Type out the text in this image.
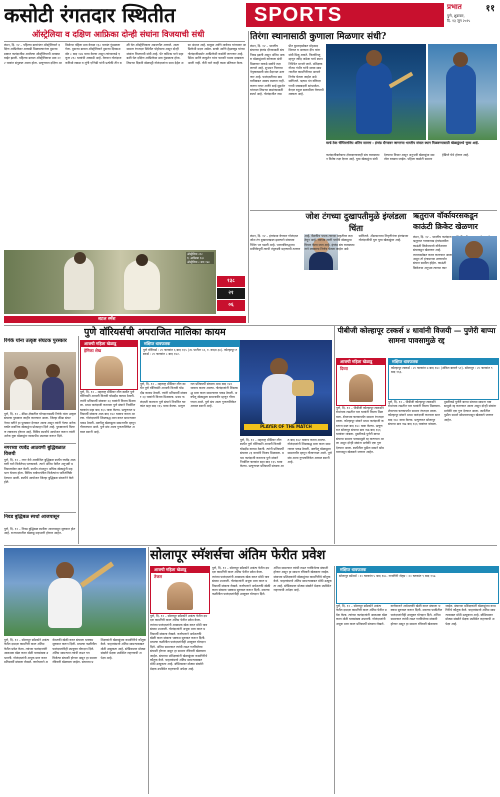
कसोटी रंगतदार स्थितीत	SPORTS	प्रभात	११
पुणे, शुक्रवार,
दि. १३ जून २०२५
ऑस्ट्रेलिया व दक्षिण आफ्रिका दोन्ही संघांना विजयाची संधी
लंडन, दि. १२ – पहिल्या डावांनंतर ऑस्ट्रेलियाने दक्षिण आफ्रिकेवर आघाडी मिळवल्यानंतर दुसऱ्या डावात फलंदाजीस आलेल्या ऑस्ट्रेलियाची अवस्था वाईट झाली. पहिल्या डावात ऑस्ट्रेलियाचा डाव २१२ धावांत संपुष्टात आला होता. प्रत्युत्तरात दक्षिण आफ्रिकेचा पहिला डाव केवळ १३८ धावांत गुंडाळला गेला. दुसऱ्या डावात ऑस्ट्रेलियाने दुसऱ्या दिवसअखेर ८ बाद १४४ धावा केल्या असून त्यांच्याकडे एकूण २१८ धावांची आघाडी आहे. वेगवान गोलंदाज कगिसो रबाडा व लुंगी एन्गिडी यांनी प्रत्येकी तीन बळी घेत ऑस्ट्रेलियाला अडचणीत आणले. आता सामना रंगतदार स्थितीत पोहोचला असून दोन्ही संघांना विजयाची संधी आहे. पॅट कमिन्स याने सहा बळी घेत दक्षिण आफ्रिकेचा डाव गुंडाळला होता. तिसऱ्या दिवशी खेळपट्टी गोलंदाजांना साथ देईल असा अंदाज आहे. बावुमा आणि मार्करम यांच्यावर आफ्रिकेची मदार असेल. स्टार्क आणि हेझलवूड यांच्या गोलंदाजीसमोर आफ्रिकेची कसोटी लागणार आहे. स्मिथ आणि लाबुशेन यांना फारशी चमक दाखवता आली नाही. कॅरी याने काही काळ प्रतिकार केला.
१३८
२१
०६
ऑस्ट्रेलिया २१२
द. आफ्रिका १३८
ऑस्ट्रेलिया ८ बाद १४४
शटल स्मॅश
तिरंगा स्थानासाठी कुणाला मिळणार संधी?
लंडन, दि. १२ – भारतीय संघाच्या इंग्लंड दौऱ्यासाठी संघनिवड झाली असून अंतिम अकरा खेळाडूंमध्ये कोणाला संधी मिळणार याकडे सर्वांचे लक्ष लागले आहे. शुभमन गिलच्या नेतृत्वाखाली संघ मैदानात उतरणार आहे. फलंदाजीच्या क्रमवारीबाबत अद्याप स्पष्टता नाही. करुण नायर आणि साई सुदर्शन यांच्यात तिसऱ्या क्रमांकासाठी स्पर्धा आहे. गोलंदाजीत जसप्रीत बुमराहसोबत मोहम्मद सिराज व आकाश दीप यांना संधी मिळू शकते. फिरकीपटू म्हणून रवींद्र जडेजा याचे स्थान निश्चित मानले जाते. प्रशिक्षक गौतम गंभीर यांनी सराव सामन्यातील कामगिरीच्या आधारे निर्णय घेतला जाईल असे सांगितले. ऋषभ पंत यष्टिरक्षणाची जबाबदारी सांभाळेल. केएल राहुल सलामीला येण्याची शक्यता आहे.
वर्ल्ड टेस्ट चॅम्पियनशिप अंतिम सामना : इंग्लंड दौऱ्यावर जाणाऱ्या भारतीय संघात स्थान मिळवण्यासाठी खेळाडूंमध्ये चुरस आहे.
फलंदाजीबरोबरच क्षेत्ररक्षणावरही संघ व्यवस्थापन विशेष लक्ष देणार आहे. युवा खेळाडूंना संधी देण्याचा विचार असून अनुभवी खेळाडूंचा समतोल राखला जाईल. पहिला कसोटी सामना हेडिंग्ले येथे होणार आहे.
जोश टंगच्या दुखापतीमुळे इंग्लंडला चिंता
लंडन, दि. १२ – इंग्लंडचा वेगवान गोलंदाज जोश टंग दुखापतग्रस्त झाल्याने संघाच्या चिंतेत भर पडली आहे. भारताविरुद्धच्या मालिकेपूर्वी त्याची तंदुरुस्ती महत्त्वाची ठरणार आहे. वैद्यकीय पथक त्याच्या प्रकृतीवर लक्ष ठेवून आहे. त्याच्या जागी पर्यायी खेळाडूचा विचार केला जात आहे. इंग्लंड संघ व्यवस्थापनाने लवकरच निर्णय घेतला जाईल असे सांगितले. अँडरसनच्या निवृत्तीनंतर इंग्लंडच्या गोलंदाजीची धुरा युवा खेळाडूंवर आहे.
ऋतुराज वॉर्कायरसकडून काऊंटी क्रिकेट खेळणार
लंडन, दि. १२ – भारतीय फलंदाज ऋतुराज गायकवाड इंग्लंडमधील काऊंटी क्रिकेटमध्ये यॉर्कशायर संघाकडून खेळणार आहे. त्याच्यासोबत करार करण्यात आला असून तो हंगामाच्या उत्तरार्धात संघात सामील होईल. काऊंटी क्रिकेटचा अनुभव त्याच्या कार
पुणे वॉरियर्सची अपराजित मालिका कायम	पीबीजी कोल्हापूर टस्कर्स ४ धावांनी विजयी — पुणेरी बाप्पा सामना पावसामुळे रद्द
रिगंके यांना उत्कृष्ट संघटक पुरस्कार
पुणे, दि. १२ – क्रीडा क्षेत्रातील योगदानासाठी रिगंके यांना उत्कृष्ट संघटक पुरस्कार जाहीर करण्यात आला. जिल्हा क्रीडा संघटनेच्या वतीने हा पुरस्कार देण्यात आला असून त्यांनी गेल्या अनेक वर्षांत स्थानिक खेळाडूंना प्रोत्साहन दिले आहे. पुरस्काराचे वितरण लवकरच होणार आहे. विविध स्पर्धांचे आयोजन करून त्यांनी अनेक युवा खेळाडूंना व्यासपीठ उपलब्ध करून दिले.
आजची महिला खेळाडू
हेमिका शेख
पुणे, दि. १२ – महाराष्ट्र प्रीमियर लीग स्पर्धेत पुणे वॉरियर्सने आपली विजयी घोडदौड कायम ठेवली. त्यांनी प्रतिस्पर्धी संघावर २३ धावांनी विजय मिळवला. प्रथम फलंदाजी करताना पुणे संघाने निर्धारित षटकांत सहा बाद १६५ धावा केल्या. प्रत्युत्तरात प्रतिस्पर्धी संघाला आठ बाद १४२ धावाच करता आल्या. गोलंदाजांनी शिस्तबद्ध मारा करत सामन्यावर पकड ठेवली. अष्टपैलू खेळाडूला सामनावीर म्हणून गौरवण्यात आले. पुणे संघ आता गुणतालिकेत अव्वल स्थानी आहे.
संक्षिप्त धावफलक
पुणे वॉरियर्स : २० षटकांत ६ बाद १६५ (अ. पाटील ५२, र. कदम ३४). कोल्हापूर टस्कर्स : २० षटकांत ८ बाद १४२.
पुणे, दि. १२ – महाराष्ट्र प्रीमियर लीग स्पर्धेत पुणे वॉरियर्सने आपली विजयी घोडदौड कायम ठेवली. त्यांनी प्रतिस्पर्धी संघावर २३ धावांनी विजय मिळवला. प्रथम फलंदाजी करताना पुणे संघाने निर्धारित षटकांत सहा बाद १६५ धावा केल्या. प्रत्युत्तरात प्रतिस्पर्धी संघाला आठ बाद १४२ धावाच करता आल्या. गोलंदाजांनी शिस्तबद्ध मारा करत सामन्यावर पकड ठेवली. अष्टपैलू खेळाडूला सामनावीर म्हणून गौरवण्यात आले. पुणे संघ आता गुणतालिकेत अव्वल स्थानी आहे.
PLAYER OF THE MATCH
पुणे, दि. १२ – महाराष्ट्र प्रीमियर लीग स्पर्धेत पुणे वॉरियर्सने आपली विजयी घोडदौड कायम ठेवली. त्यांनी प्रतिस्पर्धी संघावर २३ धावांनी विजय मिळवला. प्रथम फलंदाजी करताना पुणे संघाने निर्धारित षटकांत सहा बाद १६५ धावा केल्या. प्रत्युत्तरात प्रतिस्पर्धी संघाला आठ बाद १४२ धावाच करता आल्या. गोलंदाजांनी शिस्तबद्ध मारा करत सामन्यावर पकड ठेवली. अष्टपैलू खेळाडूला सामनावीर म्हणून गौरवण्यात आले. पुणे संघ आता गुणतालिकेत अव्वल स्थानी आहे.
आजची महिला खेळाडू
दिव्या
पुणे, दि. १२ – पीबीजी कोल्हापूर टस्कर्सने रोमांचक लढतीत चार धावांनी विजय मिळवला. शेवटच्या षटकापर्यंत सामना रंगतदार ठरला. कोल्हापूर संघाने प्रथम फलंदाजी करताना सात बाद १७० धावा केल्या. प्रत्युत्तरात सोलापूर संघाचा डाव नऊ बाद १६६ धावांवर थांबला. दुसरीकडे पुणेरी बाप्पा संघाचा सामना पावसामुळे रद्द करण्यात आला असून दोन्ही संघांना प्रत्येकी एक गुण देण्यात आला. स्पर्धेतील पुढील सामने सोमवारपासून खेळवले जाणार आहेत.
संक्षिप्त धावफलक
कोल्हापूर टस्कर्स : २० षटकांत ७ बाद १७० (अंकित बावणे ५१). सोलापूर : २० षटकांत ९ बाद १६६.
पुणे, दि. १२ – पीबीजी कोल्हापूर टस्कर्सने रोमांचक लढतीत चार धावांनी विजय मिळवला. शेवटच्या षटकापर्यंत सामना रंगतदार ठरला. कोल्हापूर संघाने प्रथम फलंदाजी करताना सात बाद १७० धावा केल्या. प्रत्युत्तरात सोलापूर संघाचा डाव नऊ बाद १६६ धावांवर थांबला. दुसरीकडे पुणेरी बाप्पा संघाचा सामना पावसामुळे रद्द करण्यात आला असून दोन्ही संघांना प्रत्येकी एक गुण देण्यात आला. स्पर्धेतील पुढील सामने सोमवारपासून खेळवले जाणार आहेत.
नगरच्या रघवेंद्र आठवणी बुद्धिबळात विजयी
पुणे, दि. १२ – नगर येथे आयोजित बुद्धिबळ स्पर्धेत रघवेंद्र आठवणी याने विजेतेपद पटकावले. त्याने अंतिम फेरीत अनुभवी प्रतिस्पर्ध्यावर मात केली. स्पर्धेत शंभरहून अधिक खेळाडूंनी सहभाग घेतला होता. विविध वयोगटांतील विजेत्यांना पारितोषिके देण्यात आली. स्पर्धेचे आयोजन जिल्हा बुद्धिबळ संघटनेने केले होते.
निवड बुद्धिबळ स्पर्धा आजपासून
पुणे, दि. १२ – निवड बुद्धिबळ स्पर्धेला आजपासून सुरुवात होत आहे. राज्यभरातील खेळाडू सहभागी होणार आहेत.
सोलापूर स्मॅशर्सचा अंतिम फेरीत प्रवेश
पुणे, दि. १२ – सोलापूर स्मॅशर्सने उपांत्य फेरीत दमदार कामगिरी करत अंतिम फेरीत प्रवेश केला. त्यांच्या फलंदाजांनी आक्रमक खेळ करत मोठी धावसंख्या उभारली. गोलंदाजांनी अचूक मारा करत प्रतिस्पर्धी संघाला रोखले. कर्णधाराने अर्धशतकी खेळी करत संघाला भक्कम सुरुवात करून दिली. मधल्या फळीतील फलंदाजांनीही उपयुक्त योगदान दिले. अंतिम सामन्यात त्यांची लढत गतविजेत्या संघाशी होणार असून हा सामना रविवारी खेळवला जाईल. संघाच्या प्रशिक्षकांनी खेळाडूंच्या कामगिरीचे कौतुक केले. चाहत्यांमध्ये अंतिम सामन्याबाबत मोठी उत्सुकता आहे. स्टेडियमवर मोठ्या संख्येने प्रेक्षक उपस्थित राहण्याची अपेक्षा आहे.
आजची महिला खेळाडू
तेजल
पुणे, दि. १२ – सोलापूर स्मॅशर्सने उपांत्य फेरीत दमदार कामगिरी करत अंतिम फेरीत प्रवेश केला. त्यांच्या फलंदाजांनी आक्रमक खेळ करत मोठी धावसंख्या उभारली. गोलंदाजांनी अचूक मारा करत प्रतिस्पर्धी संघाला रोखले. कर्णधाराने अर्धशतकी खेळी करत संघाला भक्कम सुरुवात करून दिली. मधल्या फळीतील फलंदाजांनीही उपयुक्त योगदान दिले. अंतिम सामन्यात त्यांची लढत गतविजेत्या संघाशी होणार असून हा सामना रविवारी खेळवला जाईल. संघाच्या प्रशिक्षकांनी खेळाडूंच्या कामगिरीचे कौतुक केले. चाहत्यांमध्ये अंतिम सामन्याबाबत मोठी उत्सुकता आहे. स्टेडियमवर मोठ्या संख्येने प्रेक्षक उपस्थित राहण्याची अपेक्षा आहे.
पुणे, दि. १२ – सोलापूर स्मॅशर्सने उपांत्य फेरीत दमदार कामगिरी करत अंतिम फेरीत प्रवेश केला. त्यांच्या फलंदाजांनी आक्रमक खेळ करत मोठी धावसंख्या उभारली. गोलंदाजांनी अचूक मारा करत प्रतिस्पर्धी संघाला रोखले. कर्णधाराने अर्धशतकी खेळी करत संघाला भक्कम सुरुवात करून दिली. मधल्या फळीतील फलंदाजांनीही उपयुक्त योगदान दिले. अंतिम सामन्यात त्यांची लढत गतविजेत्या संघाशी होणार असून हा सामना रविवारी खेळवला जाईल. संघाच्या प्रशिक्षकांनी खेळाडूंच्या कामगिरीचे कौतुक केले. चाहत्यांमध्ये अंतिम सामन्याबाबत मोठी उत्सुकता आहे. स्टेडियमवर मोठ्या संख्येने प्रेक्षक उपस्थित राहण्याची अपेक्षा आहे.
संक्षिप्त धावफलक
सोलापूर स्मॅशर्स : २० षटकांत ५ बाद १७८. रत्नागिरी जेट्स : २० षटकांत ९ बाद १५४.
पुणे, दि. १२ – सोलापूर स्मॅशर्सने उपांत्य फेरीत दमदार कामगिरी करत अंतिम फेरीत प्रवेश केला. त्यांच्या फलंदाजांनी आक्रमक खेळ करत मोठी धावसंख्या उभारली. गोलंदाजांनी अचूक मारा करत प्रतिस्पर्धी संघाला रोखले. कर्णधाराने अर्धशतकी खेळी करत संघाला भक्कम सुरुवात करून दिली. मधल्या फळीतील फलंदाजांनीही उपयुक्त योगदान दिले. अंतिम सामन्यात त्यांची लढत गतविजेत्या संघाशी होणार असून हा सामना रविवारी खेळवला जाईल. संघाच्या प्रशिक्षकांनी खेळाडूंच्या कामगिरीचे कौतुक केले. चाहत्यांमध्ये अंतिम सामन्याबाबत मोठी उत्सुकता आहे. स्टेडियमवर मोठ्या संख्येने प्रेक्षक उपस्थित राहण्याची अपेक्षा आहे.
